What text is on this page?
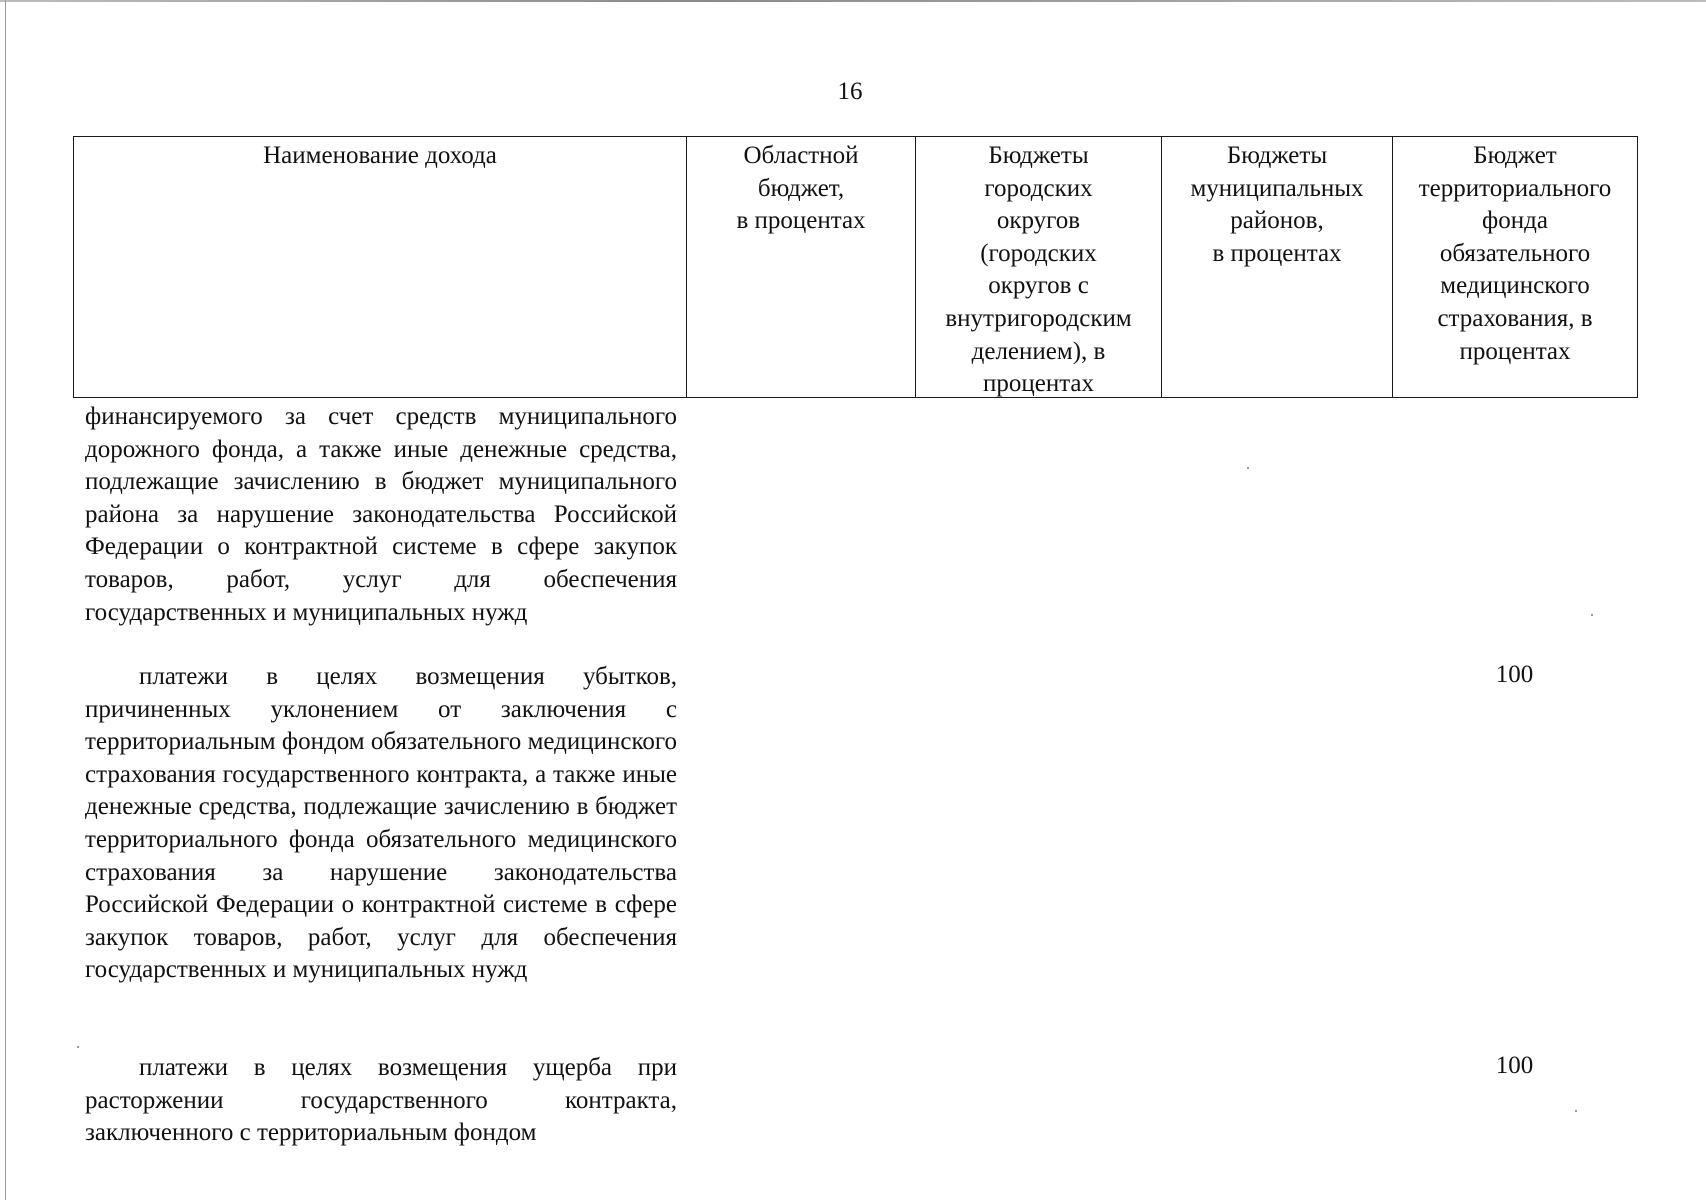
16
Наименование дохода	Областной
бюджет,
в процентах
Бюджеты
городских
округов
(городских
округов с
внутригородским
делением), в
процентах
Бюджеты
муниципальных
районов,
в процентах
Бюджет
территориального
фонда
обязательного
медицинского
страхования, в
процентах
финансируемого за счет средств муниципального дорожного фонда, а также иные денежные средства, подлежащие зачислению в бюджет муниципального района за нарушение законодательства Российской Федерации о контрактной системе в сфере закупок товаров, работ, услуг для обеспечения государственных и муниципальных нужд
платежи в целях возмещения убытков, причиненных уклонением от заключения с территориальным фондом обязательного медицинского страхования государственного контракта, а также иные денежные средства, подлежащие зачислению в бюджет территориального фонда обязательного медицинского страхования за нарушение законодательства Российской Федерации о контрактной системе в сфере закупок товаров, работ, услуг для обеспечения государственных и муниципальных нужд
100
платежи в целях возмещения ущерба при расторжении государственного контракта, заключенного с территориальным фондом
100
